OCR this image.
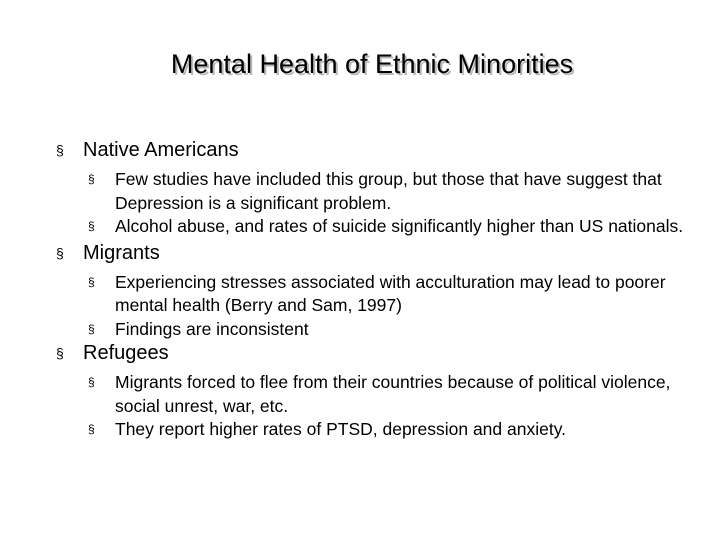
Mental Health of Ethnic Minorities
§ Native Americans
§ Few studies have included this group, but those that have suggest that Depression is a significant problem.
§ Alcohol abuse, and rates of suicide significantly higher than US nationals.
§ Migrants
§ Experiencing stresses associated with acculturation may lead to poorer mental health (Berry and Sam, 1997)
§ Findings are inconsistent
§ Refugees
§ Migrants forced to flee from their countries because of political violence, social unrest, war, etc.
§ They report higher rates of PTSD, depression and anxiety.
